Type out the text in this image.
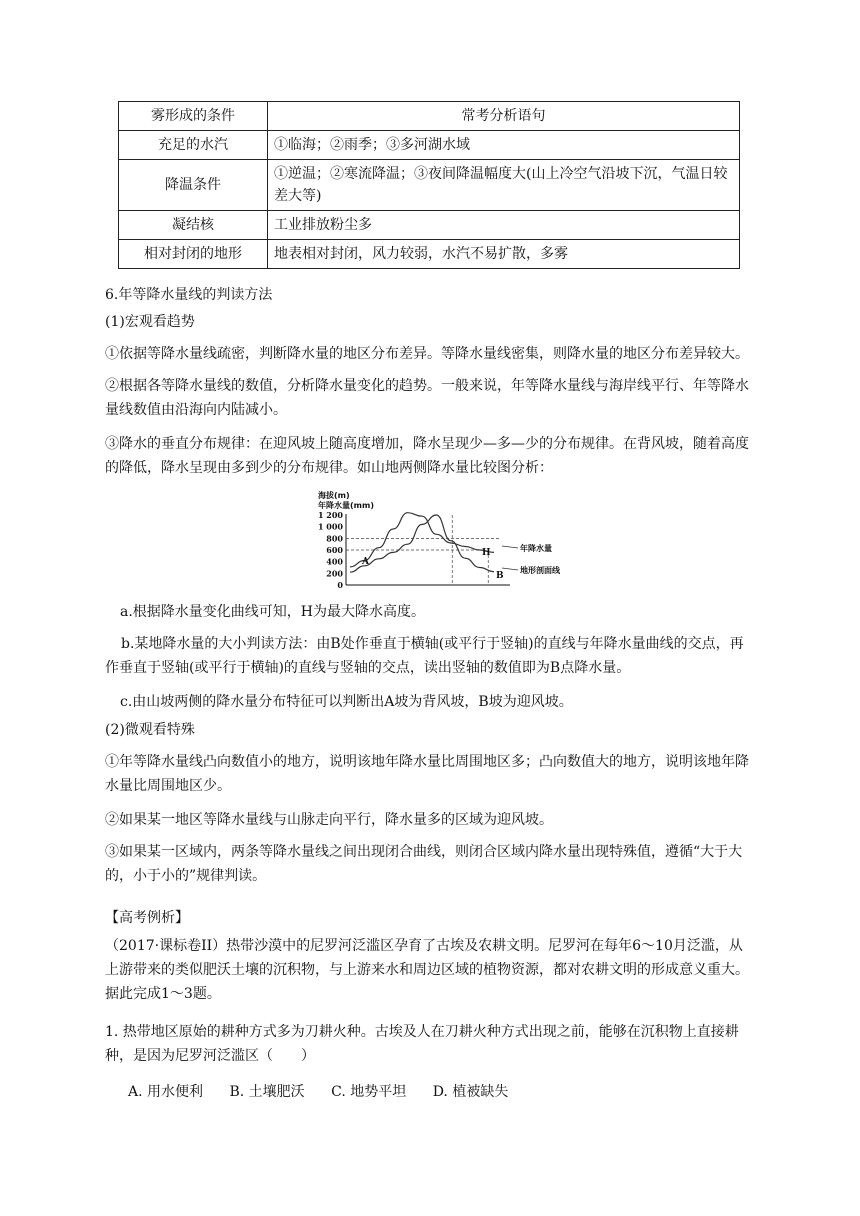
雾形成的条件	常考分析语句
充足的水汽	①临海；②雨季；③多河湖水域
降温条件	①逆温；②寒流降温；③夜间降温幅度大(山上冷空气沿坡下沉，气温日较差大等)
凝结核	工业排放粉尘多
相对封闭的地形	地表相对封闭，风力较弱，水汽不易扩散，多雾

6.年等降水量线的判读方法

(1)宏观看趋势

①依据等降水量线疏密，判断降水量的地区分布差异。等降水量线密集，则降水量的地区分布差异较大。

②根据各等降水量线的数值，分析降水量变化的趋势。一般来说，年等降水量线与海岸线平行、年等降水量线数值由沿海向内陆减小。

③降水的垂直分布规律：在迎风坡上随高度增加，降水呈现少—多—少的分布规律。在背风坡，随着高度的降低，降水呈现由多到少的分布规律。如山地两侧降水量比较图分析：

海拔(m)
年降水量(mm)
0
200
400
600
800
1 000
1 200
A
H
B
年降水量
地形剖面线

a.根据降水量变化曲线可知，H为最大降水高度。

b.某地降水量的大小判读方法：由B处作垂直于横轴(或平行于竖轴)的直线与年降水量曲线的交点，再作垂直于竖轴(或平行于横轴)的直线与竖轴的交点，读出竖轴的数值即为B点降水量。

c.由山坡两侧的降水量分布特征可以判断出A坡为背风坡，B坡为迎风坡。

(2)微观看特殊

①年等降水量线凸向数值小的地方，说明该地年降水量比周围地区多；凸向数值大的地方，说明该地年降水量比周围地区少。

②如果某一地区等降水量线与山脉走向平行，降水量多的区域为迎风坡。

③如果某一区域内，两条等降水量线之间出现闭合曲线，则闭合区域内降水量出现特殊值，遵循“大于大的，小于小的”规律判读。

【高考例析】

（2017·课标卷II）热带沙漠中的尼罗河泛滥区孕育了古埃及农耕文明。尼罗河在每年6～10月泛滥，从上游带来的类似肥沃土壤的沉积物，与上游来水和周边区域的植物资源，都对农耕文明的形成意义重大。据此完成1～3题。

1. 热带地区原始的耕种方式多为刀耕火种。古埃及人在刀耕火种方式出现之前，能够在沉积物上直接耕种，是因为尼罗河泛滥区（　　）

A. 用水便利 B. 土壤肥沃 C. 地势平坦 D. 植被缺失
